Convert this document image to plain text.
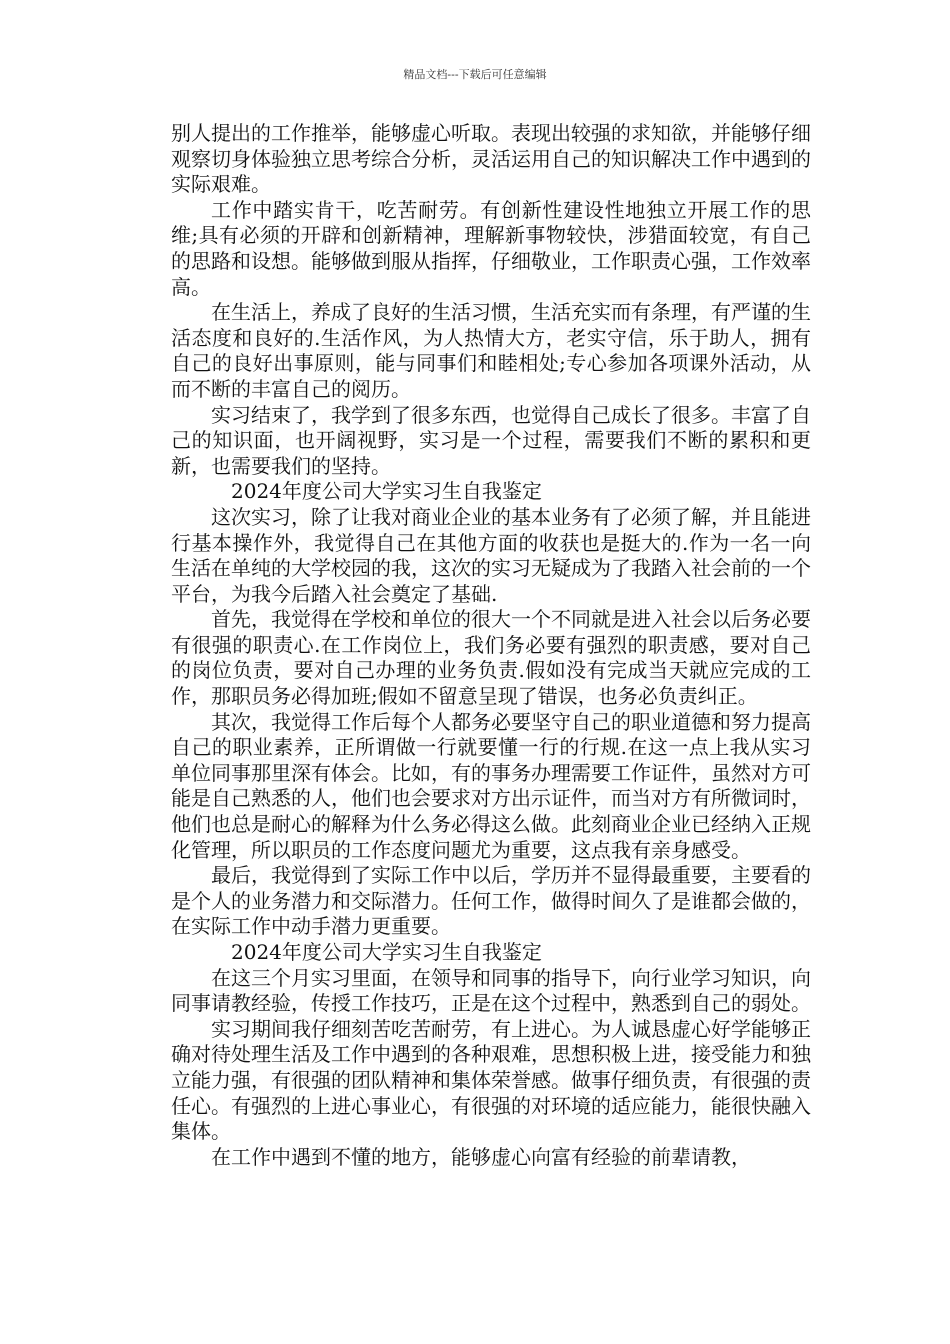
精品文档---下载后可任意编辑

别人提出的工作推举，能够虚心听取。表现出较强的求知欲，并能够仔细观察切身体验独立思考综合分析，灵活运用自己的知识解决工作中遇到的实际艰难。

工作中踏实肯干，吃苦耐劳。有创新性建设性地独立开展工作的思维;具有必须的开辟和创新精神，理解新事物较快，涉猎面较宽，有自己的思路和设想。能够做到服从指挥，仔细敬业，工作职责心强，工作效率高。

在生活上，养成了良好的生活习惯，生活充实而有条理，有严谨的生活态度和良好的.生活作风，为人热情大方，老实守信，乐于助人，拥有自己的良好出事原则，能与同事们和睦相处;专心参加各项课外活动，从而不断的丰富自己的阅历。

实习结束了，我学到了很多东西，也觉得自己成长了很多。丰富了自己的知识面，也开阔视野，实习是一个过程，需要我们不断的累积和更新，也需要我们的坚持。

2024年度公司大学实习生自我鉴定

这次实习，除了让我对商业企业的基本业务有了必须了解，并且能进行基本操作外，我觉得自己在其他方面的收获也是挺大的.作为一名一向生活在单纯的大学校园的我，这次的实习无疑成为了我踏入社会前的一个平台，为我今后踏入社会奠定了基础.

首先，我觉得在学校和单位的很大一个不同就是进入社会以后务必要有很强的职责心.在工作岗位上，我们务必要有强烈的职责感，要对自己的岗位负责，要对自己办理的业务负责.假如没有完成当天就应完成的工作，那职员务必得加班;假如不留意呈现了错误，也务必负责纠正。

其次，我觉得工作后每个人都务必要坚守自己的职业道德和努力提高自己的职业素养，正所谓做一行就要懂一行的行规.在这一点上我从实习单位同事那里深有体会。比如，有的事务办理需要工作证件，虽然对方可能是自己熟悉的人，他们也会要求对方出示证件，而当对方有所微词时，他们也总是耐心的解释为什么务必得这么做。此刻商业企业已经纳入正规化管理，所以职员的工作态度问题尤为重要，这点我有亲身感受。

最后，我觉得到了实际工作中以后，学历并不显得最重要，主要看的是个人的业务潜力和交际潜力。任何工作，做得时间久了是谁都会做的，在实际工作中动手潜力更重要。

2024年度公司大学实习生自我鉴定

在这三个月实习里面，在领导和同事的指导下，向行业学习知识，向同事请教经验，传授工作技巧，正是在这个过程中，熟悉到自己的弱处。

实习期间我仔细刻苦吃苦耐劳，有上进心。为人诚恳虚心好学能够正确对待处理生活及工作中遇到的各种艰难，思想积极上进，接受能力和独立能力强，有很强的团队精神和集体荣誉感。做事仔细负责，有很强的责任心。有强烈的上进心事业心，有很强的对环境的适应能力，能很快融入集体。

在工作中遇到不懂的地方，能够虚心向富有经验的前辈请教，
